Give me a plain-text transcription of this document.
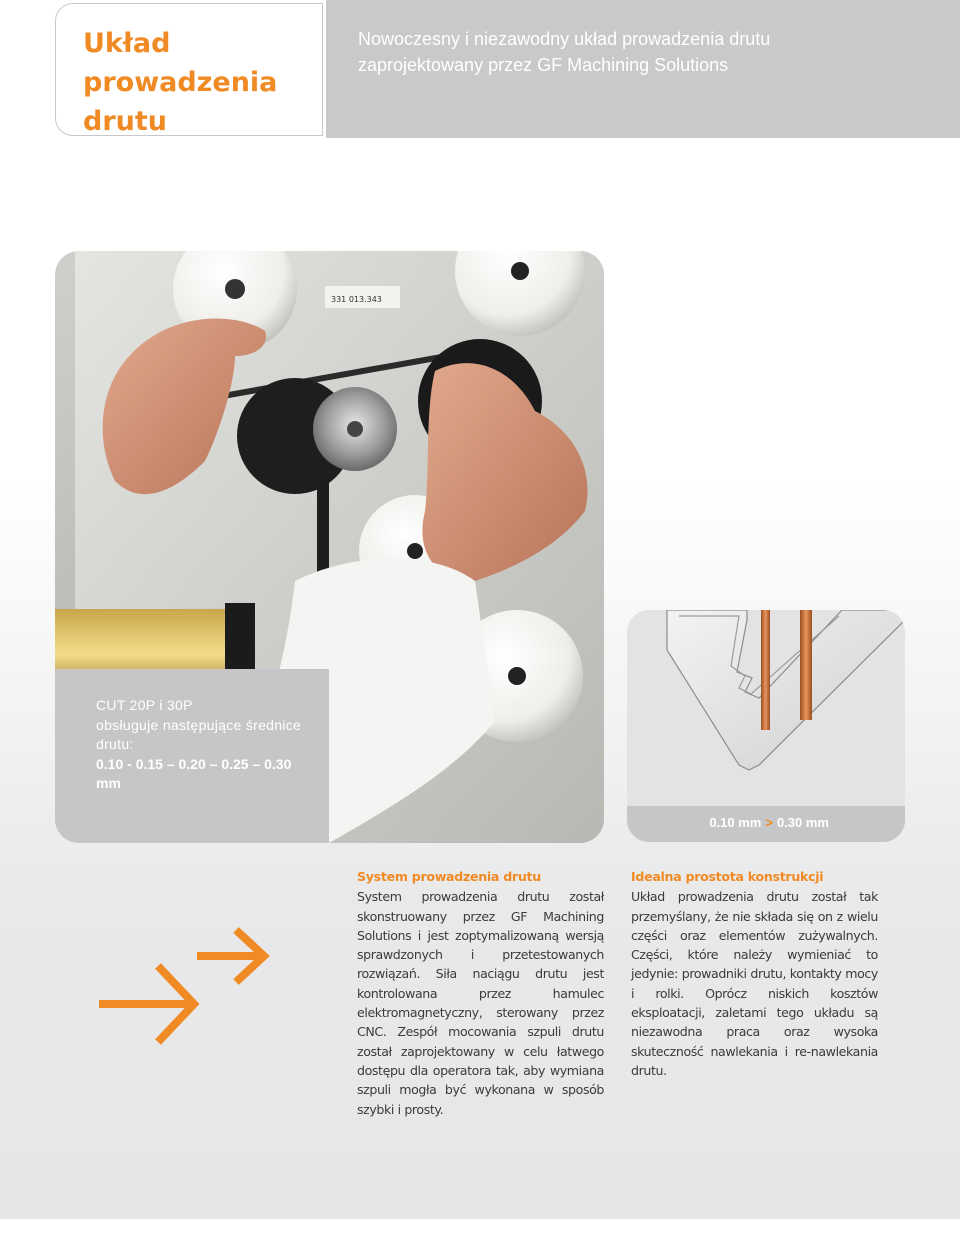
Układ
prowadzenia
drutu
Nowoczesny i niezawodny układ prowadzenia drutu
zaprojektowany przez GF Machining Solutions
331 013.343
CUT 20P i 30P
obsługuje następujące średnice drutu:
0.10 - 0.15 – 0.20 – 0.25 – 0.30 mm
0.10 mm > 0.30 mm
System prowadzenia drutu

System prowadzenia drutu został skonstruowany przez GF Machining Solutions i jest zoptymalizowaną wersją sprawdzonych i przetestowanych rozwiązań. Siła naciągu drutu jest kontrolowana przez hamulec elektromagnetyczny, sterowany przez CNC. Zespół mocowania szpuli drutu został zaprojektowany w celu łatwego dostępu dla operatora tak, aby wymiana szpuli mogła być wykonana w sposób szybki i prosty.

Idealna prostota konstrukcji

Układ prowadzenia drutu został tak przemyślany, że nie składa się on z wielu części oraz elementów zużywalnych. Części, które należy wymieniać to jedynie: prowadniki drutu, kontakty mocy i rolki. Oprócz niskich kosztów eksploatacji, zaletami tego układu są niezawodna praca oraz wysoka skuteczność nawlekania i re-nawlekania drutu.
